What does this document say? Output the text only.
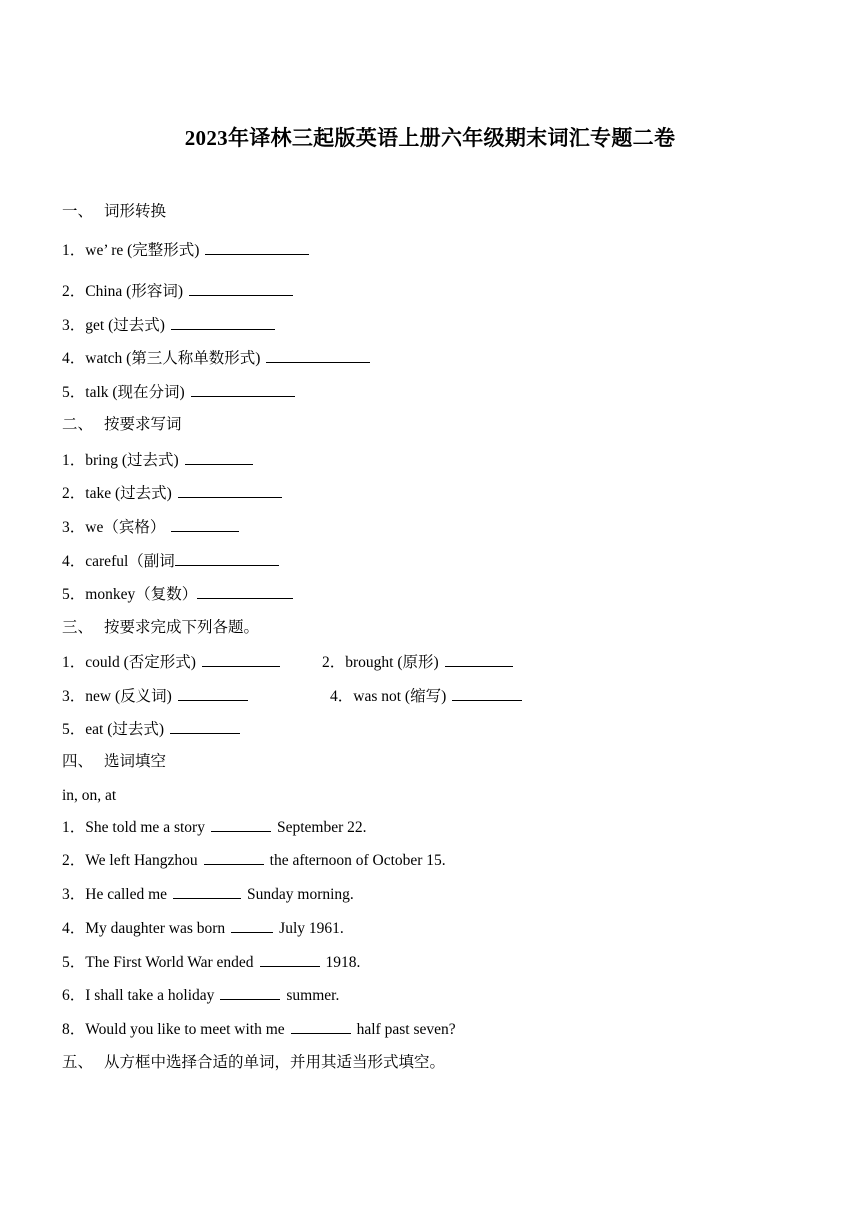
2023年译林三起版英语上册六年级期末词汇专题二卷
一、 词形转换
1．we’ re (完整形式)
2．China (形容词)
3．get (过去式)
4．watch (第三人称单数形式)
5．talk (现在分词)
二、 按要求写词
1．bring (过去式)
2．take (过去式)
3．we（宾格）
4．careful（副词
5．monkey（复数）
三、 按要求完成下列各题。
1．could (否定形式)	2．brought (原形)
3．new (反义词)	4．was not (缩写)
5．eat (过去式)
四、 选词填空
in, on, at
1．She told me a story	September 22.
2．We left Hangzhou	the afternoon of October 15.
3．He called me	Sunday morning.
4．My daughter was born	July 1961.
5．The First World War ended	1918.
6．I shall take a holiday	summer.
8．Would you like to meet with me	half past seven?
五、 从方框中选择合适的单词，并用其适当形式填空。
